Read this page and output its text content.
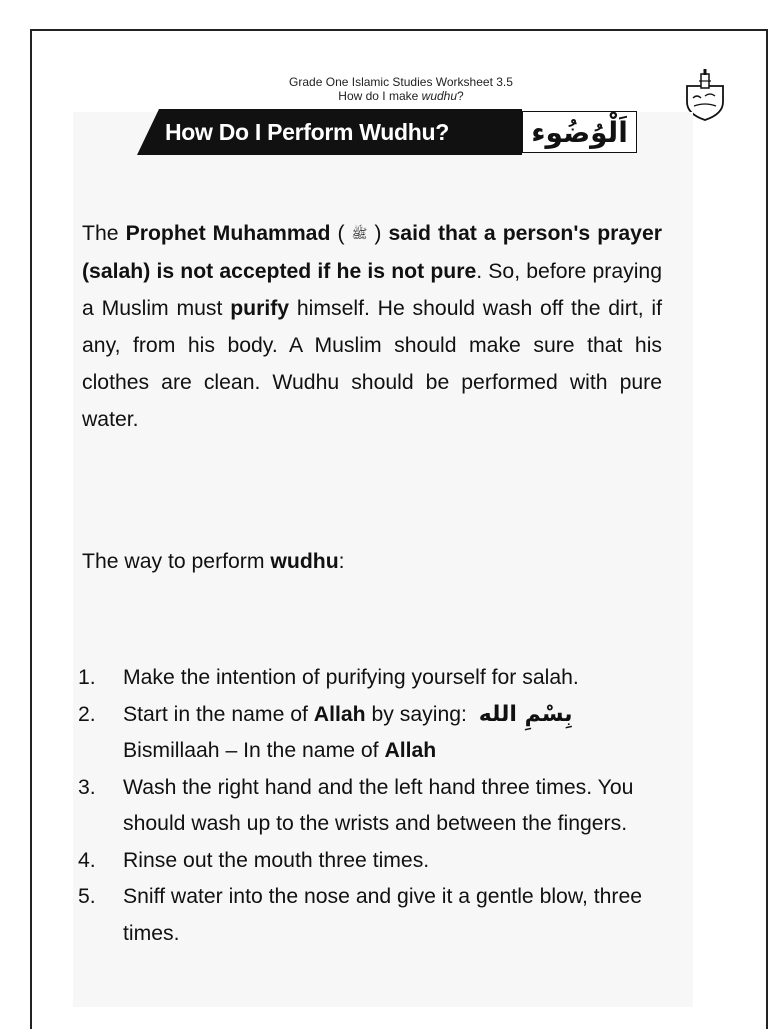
Grade One Islamic Studies Worksheet 3.5
How do I make wudhu?
How Do I Perform Wudhu?	اَلْوُضُوء
The Prophet Muhammad ( ﷺ ) said that a person's prayer (salah) is not accepted if he is not pure. So, before praying a Muslim must purify himself. He should wash off the dirt, if any, from his body. A Muslim should make sure that his clothes are clean. Wudhu should be performed with pure water.
The way to perform wudhu:
1.	Make the intention of purifying yourself for salah.
2.	Start in the name of Allah by saying: بِسْمِ الله
Bismillaah – In the name of Allah
3.	Wash the right hand and the left hand three times. You should wash up to the wrists and between the fingers.
4.	Rinse out the mouth three times.
5.	Sniff water into the nose and give it a gentle blow, three times.
